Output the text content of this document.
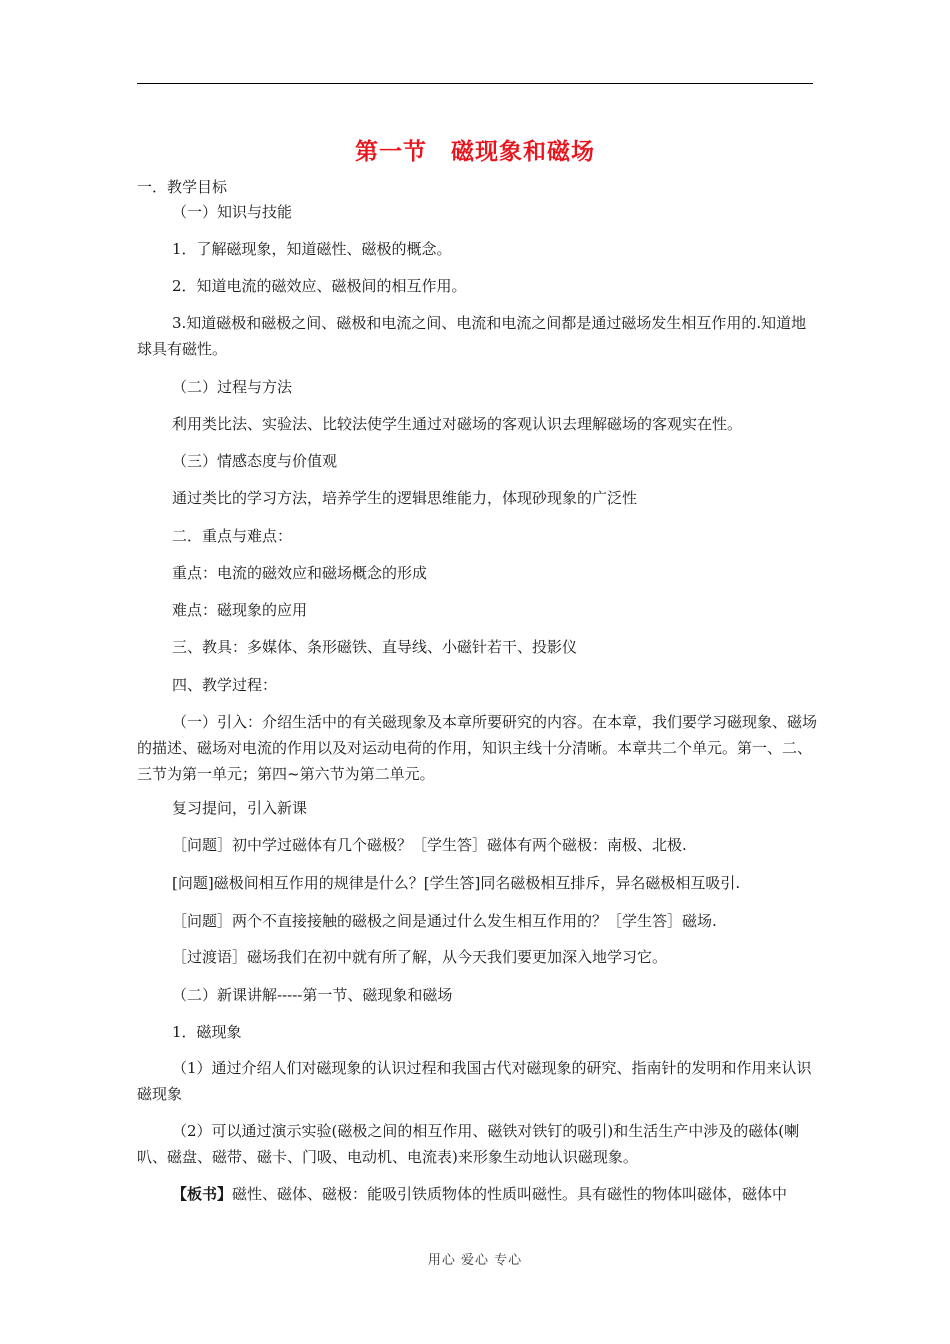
第一节　磁现象和磁场
一．教学目标
（一）知识与技能
1．了解磁现象，知道磁性、磁极的概念。
2．知道电流的磁效应、磁极间的相互作用。
3.知道磁极和磁极之间、磁极和电流之间、电流和电流之间都是通过磁场发生相互作用的.知道地球具有磁性。
（二）过程与方法
利用类比法、实验法、比较法使学生通过对磁场的客观认识去理解磁场的客观实在性。
（三）情感态度与价值观
通过类比的学习方法，培养学生的逻辑思维能力，体现砂现象的广泛性
二．重点与难点：
重点：电流的磁效应和磁场概念的形成
难点：磁现象的应用
三、教具：多媒体、条形磁铁、直导线、小磁针若干、投影仪
四、教学过程：
（一）引入：介绍生活中的有关磁现象及本章所要研究的内容。在本章，我们要学习磁现象、磁场的描述、磁场对电流的作用以及对运动电荷的作用，知识主线十分清晰。本章共二个单元。第一、二、三节为第一单元；第四~第六节为第二单元。
复习提问，引入新课
［问题］初中学过磁体有几个磁极？［学生答］磁体有两个磁极：南极、北极.
[问题]磁极间相互作用的规律是什么？[学生答]同名磁极相互排斥，异名磁极相互吸引.
［问题］两个不直接接触的磁极之间是通过什么发生相互作用的？［学生答］磁场.
［过渡语］磁场我们在初中就有所了解，从今天我们要更加深入地学习它。
（二）新课讲解-----第一节、磁现象和磁场
1．磁现象
（1）通过介绍人们对磁现象的认识过程和我国古代对磁现象的研究、指南针的发明和作用来认识磁现象
（2）可以通过演示实验(磁极之间的相互作用、磁铁对铁钉的吸引)和生活生产中涉及的磁体(喇叭、磁盘、磁带、磁卡、门吸、电动机、电流表)来形象生动地认识磁现象。
【板书】磁性、磁体、磁极：能吸引铁质物体的性质叫磁性。具有磁性的物体叫磁体，磁体中
用心 爱心 专心
